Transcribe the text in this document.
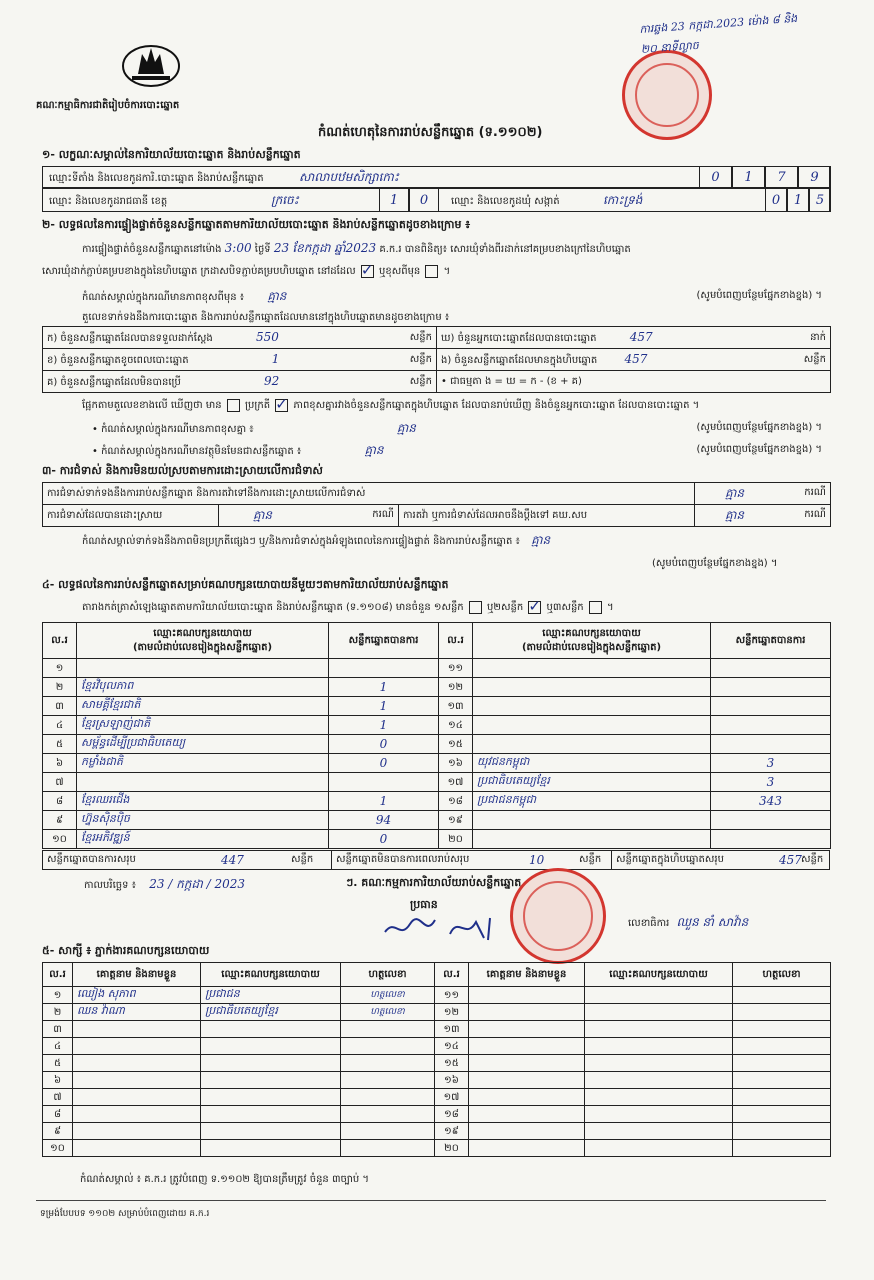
គណៈកម្មាធិការជាតិរៀបចំការបោះឆ្នោត
កំណត់ហេតុនៃការរាប់សន្លឹកឆ្នោត (ទ.១១០២)
ការឆ្លង 23 កក្កដា.2023 ម៉ោង ៨ និង ២០ នាទីល្ងាច
១- លក្ខណៈសម្គាល់នៃការិយាល័យបោះឆ្នោត និងរាប់សន្លឹកឆ្នោត
ឈ្មោះទីតាំង និងលេខកូដការិ.បោះឆ្នោត និងរាប់សន្លឹកឆ្នោត	សាលាបឋមសិក្សាកោះ	0	1	7	9
ឈ្មោះ និងលេខកូដរាជធានី ខេត្ត	ក្រចេះ	1	0	ឈ្មោះ និងលេខកូដឃុំ សង្កាត់	កោះទ្រង់	0	1	5
២- លទ្ធផលនៃការផ្ទៀងផ្ទាត់ចំនួនសន្លឹកឆ្នោតតាមការិយាល័យបោះឆ្នោត និងរាប់សន្លឹកឆ្នោតដូចខាងក្រោម ៖
ការផ្ទៀងផ្ទាត់ចំនួនសន្លឹកឆ្នោតនៅម៉ោង 3:00 ថ្ងៃទី 23 ខែកក្កដា ឆ្នាំ2023 គ.ក.រ បានពិនិត្យ៖ សោរឃុំទាំងពីរដាក់នៅគម្របខាងក្រៅនៃហិបឆ្នោត
សោរឃុំដាក់ភ្ជាប់គម្របខាងក្នុងនៃហិបឆ្នោត ក្រដាសបិទភ្ជាប់គម្របហិបឆ្នោត នៅដដែល ✓ ឬខុសពីមុន  ។
កំណត់សម្គាល់ក្នុងករណីមានភាពខុសពីមុន ៖ គ្មាន	(សូមបំពេញបន្ថែមផ្នែកខាងខ្នង) ។
តួលេខទាក់ទងនឹងការបោះឆ្នោត និងការរាប់សន្លឹកឆ្នោតដែលមាននៅក្នុងហិបឆ្នោតមានដូចខាងក្រោម ៖
ក) ចំនួនសន្លឹកឆ្នោតដែលបានទទួលដាក់ស្តែង 550 សន្លឹក	ឃ) ចំនួនអ្នកបោះឆ្នោតដែលបានបោះឆ្នោត 457 នាក់

ខ) ចំនួនសន្លឹកឆ្នោតខូចពេលបោះឆ្នោត 1 សន្លឹក	ង) ចំនួនសន្លឹកឆ្នោតដែលមានក្នុងហិបឆ្នោត 457 សន្លឹក

គ) ចំនួនសន្លឹកឆ្នោតដែលមិនបានប្រើ 92 សន្លឹក	• ជាធម្មតា ង = ឃ = ក - (ខ + គ)
ផ្អែកតាមតួលេខខាងលើ ឃើញថា មាន ប្រក្រតី ✓ ភាពខុសគ្នារវាងចំនួនសន្លឹកឆ្នោតក្នុងហិបឆ្នោត ដែលបានរាប់ឃើញ និងចំនួនអ្នកបោះឆ្នោត ដែលបានបោះឆ្នោត ។
• កំណត់សម្គាល់ក្នុងករណីមានភាពខុសគ្នា ៖	គ្មាន	(សូមបំពេញបន្ថែមផ្នែកខាងខ្នង) ។
• កំណត់សម្គាល់ក្នុងករណីមានវត្ថុមិនមែនជាសន្លឹកឆ្នោត ៖	គ្មាន	(សូមបំពេញបន្ថែមផ្នែកខាងខ្នង) ។
៣- ការជំទាស់ និងការមិនយល់ស្របតាមការដោះស្រាយលើការជំទាស់
ការជំទាស់ទាក់ទងនឹងការរាប់សន្លឹកឆ្នោត និងការតវ៉ាទៅនឹងការដោះស្រាយលើការជំទាស់			គ្មាន ករណី

ការជំទាស់ដែលបានដោះស្រាយ	គ្មាន ករណី	ការតវ៉ា ឬការជំទាស់ដែលអាចនឹងប្តឹងទៅ គឃ.សប	គ្មាន ករណី
កំណត់សម្គាល់ទាក់ទងនឹងភាពមិនប្រក្រតីផ្សេងៗ ឬ/និងការជំទាស់ក្នុងអំឡុងពេលនៃការផ្ទៀងផ្ទាត់ និងការរាប់សន្លឹកឆ្នោត ៖ គ្មាន
(សូមបំពេញបន្ថែមផ្នែកខាងខ្នង) ។
៤- លទ្ធផលនៃការរាប់សន្លឹកឆ្នោតសម្រាប់គណបក្សនយោបាយនីមួយៗតាមការិយាល័យរាប់សន្លឹកឆ្នោត
តារាងកត់ត្រាសំឡេងឆ្នោតតាមការិយាល័យបោះឆ្នោត និងរាប់សន្លឹកឆ្នោត (ទ.១១០៨) មានចំនួន ១សន្លឹក ឬ២សន្លឹក ✓ ឬ៣សន្លឹក  ។
ល.រ	ឈ្មោះគណបក្សនយោបាយ
(តាមលំដាប់លេខរៀងក្នុងសន្លឹកឆ្នោត)	សន្លឹកឆ្នោតបានការ	ល.រ	ឈ្មោះគណបក្សនយោបាយ
(តាមលំដាប់លេខរៀងក្នុងសន្លឹកឆ្នោត)	សន្លឹកឆ្នោតបានការ
១			១១		
២	ខ្មែរវិបុលភាព	1	១២		
៣	សាមគ្គីខ្មែរជាតិ	1	១៣		
៤	ខ្មែរស្រឡាញ់ជាតិ	1	១៤		
៥	សម្ព័ន្ធដើម្បីប្រជាធិបតេយ្យ	0	១៥		
៦	កម្លាំងជាតិ	0	១៦	យុវជនកម្ពុជា	3
៧			១៧	ប្រជាធិបតេយ្យខ្មែរ	3
៨	ខ្មែរឈរជើង	1	១៨	ប្រជាជនកម្ពុជា	343
៩	ហ្វ៊ុនស៊ិនប៉ិច	94	១៩		
១០	ខ្មែរអភិវឌ្ឍន៍	0	២០		
សន្លឹកឆ្នោតបានការសរុប	447	សន្លឹក	សន្លឹកឆ្នោតមិនបានការពេលរាប់សរុប	10	សន្លឹក	សន្លឹកឆ្នោតក្នុងហិបឆ្នោតសរុប	457 សន្លឹក
កាលបរិច្ឆេទ ៖ 23 / កក្កដា / 2023	ៗ. គណៈកម្មការការិយាល័យរាប់សន្លឹកឆ្នោត
ប្រធាន
លេខាធិការ ឈួន នាំ សាវ៉ាន
៥- សាក្សី ៖ ភ្នាក់ងារគណបក្សនយោបាយ
ល.រ	គោត្តនាម និងនាមខ្លួន	ឈ្មោះគណបក្សនយោបាយ	ហត្ថលេខា	ល.រ	គោត្តនាម និងនាមខ្លួន	ឈ្មោះគណបក្សនយោបាយ	ហត្ថលេខា
១	ឈៀង សុភាព	ប្រជាជន	ហត្ថលេខា	១១			
២	ឈន វ៉ាណា	ប្រជាធិបតេយ្យខ្មែរ	ហត្ថលេខា	១២			
៣				១៣			
៤				១៤			
៥				១៥			
៦				១៦			
៧				១៧			
៨				១៨			
៩				១៩			
១០				២០			
កំណត់សម្គាល់ ៖ គ.ក.រ ត្រូវបំពេញ ទ.១១០២ ឱ្យបានត្រឹមត្រូវ ចំនួន ៣ច្បាប់ ។
ទម្រង់បែបបទ ១១០២ សម្រាប់បំពេញដោយ គ.ក.រ
